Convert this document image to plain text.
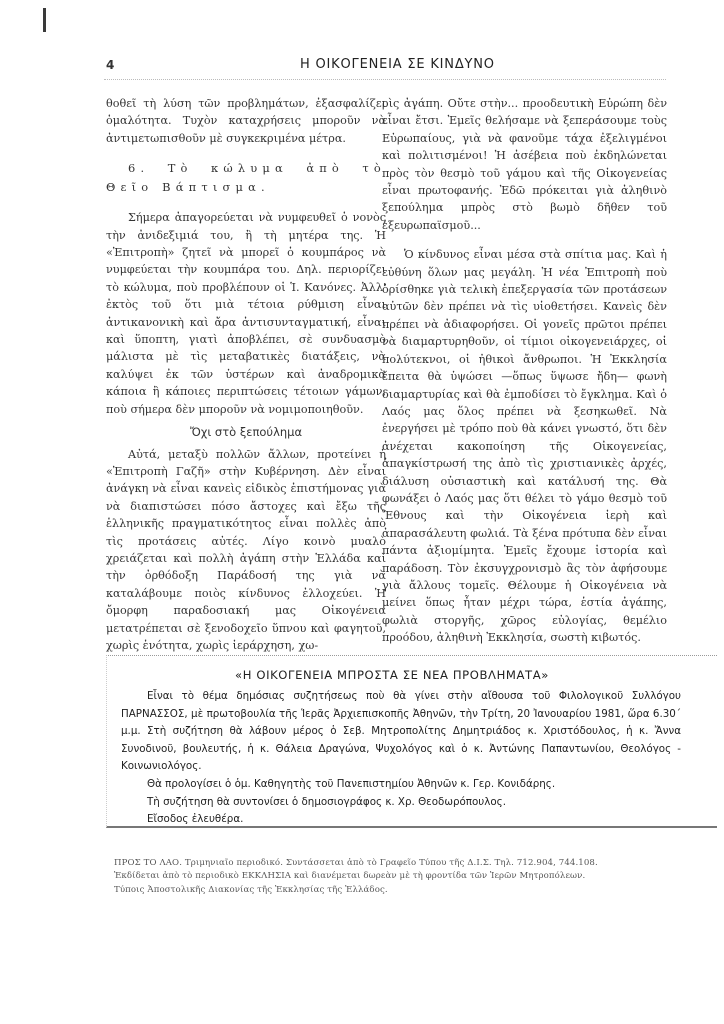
4	Η ΟΙΚΟΓΕΝΕΙΑ ΣΕ ΚΙΝΔΥΝΟ

θοθεῖ τὴ λύση τῶν προβλημάτων, ἐξασφαλίζει ὁμαλότητα. Τυχὸν καταχρήσεις μποροῦν νὰ ἀντιμετωπισθοῦν μὲ συγκεκριμένα μέτρα.

6. Τὸ κώλυμα ἀπὸ τὸ Θεῖο Βάπτισμα.

Σήμερα ἀπαγορεύεται νὰ νυμφευθεῖ ὁ νονὸς τὴν ἀνιδεξιμιά του, ἢ τὴ μητέρα της. Ἡ «Ἐπιτροπὴ» ζητεῖ νὰ μπορεῖ ὁ κουμπάρος νὰ νυμφεύεται τὴν κουμπάρα του. Δηλ. περιορίζει τὸ κώλυμα, ποὺ προβλέπουν οἱ Ἱ. Κανόνες. Ἀλλ' ἐκτὸς τοῦ ὅτι μιὰ τέτοια ρύθμιση εἶναι ἀντικανονικὴ καὶ ἄρα ἀντισυνταγματική, εἶναι καὶ ὕποπτη, γιατὶ ἀποβλέπει, σὲ συνδυασμὸ μάλιστα μὲ τὶς μεταβατικὲς διατάξεις, νὰ καλύψει ἐκ τῶν ὑστέρων καὶ ἀναδρομικὰ κάποια ἢ κάποιες περιπτώσεις τέτοιων γάμων, ποὺ σήμερα δὲν μποροῦν νὰ νομιμοποιηθοῦν.

Ὄχι στὸ ξεπούλημα

Αὐτά, μεταξὺ πολλῶν ἄλλων, προτείνει ἡ «Ἐπιτροπὴ Γαζῆ» στὴν Κυβέρνηση. Δὲν εἶναι ἀνάγκη νὰ εἶναι κανεὶς εἰδικὸς ἐπιστήμονας γιὰ νὰ διαπιστώσει πόσο ἄστοχες καὶ ἔξω τῆς ἑλληνικῆς πραγματικότητος εἶναι πολλὲς ἀπὸ τὶς προτάσεις αὐτές. Λίγο κοινὸ μυαλὸ χρειάζεται καὶ πολλὴ ἀγάπη στὴν Ἑλλάδα καὶ τὴν ὀρθόδοξη Παράδοσή της γιὰ νὰ καταλάβουμε ποιὸς κίνδυνος ἐλλοχεύει. Ἡ ὄμορφη παραδοσιακή μας Οἰκογένεια μετατρέπεται σὲ ξενοδοχεῖο ὕπνου καὶ φαγητοῦ, χωρὶς ἑνότητα, χωρὶς ἱεράρχηση, χω-

ρὶς ἀγάπη. Οὔτε στὴν... προοδευτικὴ Εὐρώπη δὲν εἶναι ἔτσι. Ἐμεῖς θελήσαμε νὰ ξεπεράσουμε τοὺς Εὐρωπαίους, γιὰ νὰ φανοῦμε τάχα ἐξελιγμένοι καὶ πολιτισμένοι! Ἡ ἀσέβεια ποὺ ἐκδηλώνεται πρὸς τὸν θεσμὸ τοῦ γάμου καὶ τῆς Οἰκογενείας εἶναι πρωτοφανής. Ἐδῶ πρόκειται γιὰ ἀληθινὸ ξεπούλημα μπρὸς στὸ βωμὸ δῆθεν τοῦ ἐξευρωπαϊσμοῦ...

Ὁ κίνδυνος εἶναι μέσα στὰ σπίτια μας. Καὶ ἡ εὐθύνη ὅλων μας μεγάλη. Ἡ νέα Ἐπιτροπὴ ποὺ ὁρίσθηκε γιὰ τελικὴ ἐπεξεργασία τῶν προτάσεων αὐτῶν δὲν πρέπει νὰ τὶς υἱοθετήσει. Κανεὶς δὲν πρέπει νὰ ἀδιαφορήσει. Οἱ γονεῖς πρῶτοι πρέπει νὰ διαμαρτυρηθοῦν, οἱ τίμιοι οἰκογενειάρχες, οἱ πολύτεκνοι, οἱ ἠθικοὶ ἄνθρωποι. Ἡ Ἐκκλησία ἔπειτα θὰ ὑψώσει —ὅπως ὕψωσε ἤδη— φωνὴ διαμαρτυρίας καὶ θὰ ἐμποδίσει τὸ ἔγκλημα. Καὶ ὁ Λαός μας ὅλος πρέπει νὰ ξεσηκωθεῖ. Νὰ ἐνεργήσει μὲ τρόπο ποὺ θὰ κάνει γνωστό, ὅτι δὲν ἀνέχεται κακοποίηση τῆς Οἰκογενείας, ἀπαγκίστρωσή της ἀπὸ τὶς χριστιανικὲς ἀρχές, διάλυση οὐσιαστικὴ καὶ κατάλυσή της. Θὰ φωνάξει ὁ Λαός μας ὅτι θέλει τὸ γάμο θεσμὸ τοῦ Ἔθνους καὶ τὴν Οἰκογένεια ἱερὴ καὶ ἀπαρασάλευτη φωλιά. Τὰ ξένα πρότυπα δὲν εἶναι πάντα ἀξιομίμητα. Ἐμεῖς ἔχουμε ἱστορία καὶ παράδοση. Τὸν ἐκσυγχρονισμὸ ἂς τὸν ἀφήσουμε γιὰ ἄλλους τομεῖς. Θέλουμε ἡ Οἰκογένεια νὰ μείνει ὅπως ἦταν μέχρι τώρα, ἑστία ἀγάπης, φωλιὰ στοργῆς, χῶρος εὐλογίας, θεμέλιο προόδου, ἀληθινὴ Ἐκκλησία, σωστὴ κιβωτός.

«Η ΟΙΚΟΓΕΝΕΙΑ ΜΠΡΟΣΤΑ ΣΕ ΝΕΑ ΠΡΟΒΛΗΜΑΤΑ»

Εἶναι τὸ θέμα δημόσιας συζητήσεως ποὺ θὰ γίνει στὴν αἴθουσα τοῦ Φιλολογικοῦ Συλλόγου ΠΑΡΝΑΣΣΟΣ, μὲ πρωτοβουλία τῆς Ἱερᾶς Ἀρχιεπισκοπῆς Ἀθηνῶν, τὴν Τρίτη, 20 Ἰανουαρίου 1981, ὥρα 6.30΄ μ.μ. Στὴ συζήτηση θὰ λάβουν μέρος ὁ Σεβ. Μητροπολίτης Δημητριάδος κ. Χριστόδουλος, ἡ κ. Ἄννα Συνοδινοῦ, βουλευτής, ἡ κ. Θάλεια Δραγώνα, Ψυχολόγος καὶ ὁ κ. Ἀντώνης Παπαντωνίου, Θεολόγος - Κοινωνιολόγος.

Θὰ προλογίσει ὁ ὁμ. Καθηγητὴς τοῦ Πανεπιστημίου Ἀθηνῶν κ. Γερ. Κονιδάρης.

Τὴ συζήτηση θὰ συντονίσει ὁ δημοσιογράφος κ. Χρ. Θεοδωρόπουλος.

Εἴσοδος ἐλευθέρα.

ΠΡΟΣ ΤΟ ΛΑΟ. Τριμηνιαῖο περιοδικό. Συντάσσεται ἀπὸ τὸ Γραφεῖο Τύπου τῆς Δ.Ι.Σ. Τηλ. 712.904, 744.108.
Ἐκδίδεται ἀπὸ τὸ περιοδικὸ ΕΚΚΛΗΣΙΑ καὶ διανέμεται δωρεὰν μὲ τὴ φροντίδα τῶν Ἱερῶν Μητροπόλεων.
Τύποις Ἀποστολικῆς Διακονίας τῆς Ἐκκλησίας τῆς Ἑλλάδος.
